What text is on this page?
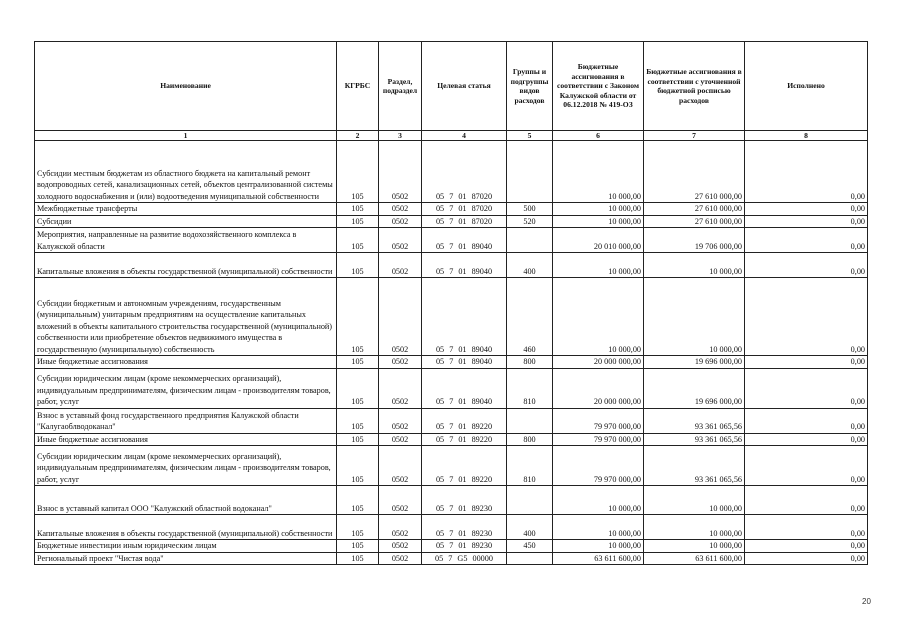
Наименование	КГРБС	Раздел, подраздел	Целевая статья	Группы и подгруппы видов расходов	Бюджетные ассигнования в соответствии с Законом Калужской области от 06.12.2018 № 419-ОЗ	Бюджетные ассигнования в соответствии с уточненной бюджетной росписью расходов	Исполнено
1	2	3	4	5	6	7	8
Субсидии местным бюджетам из областного бюджета на капитальный ремонт водопроводных сетей, канализационных сетей, объектов централизованной системы холодного водоснабжения и (или) водоотведения муниципальной собственности	105	0502	05 7 01 87020		10 000,00	27 610 000,00	0,00
Межбюджетные трансферты	105	0502	05 7 01 87020	500	10 000,00	27 610 000,00	0,00
Субсидии	105	0502	05 7 01 87020	520	10 000,00	27 610 000,00	0,00
Мероприятия, направленные на развитие водохозяйственного комплекса в Калужской области	105	0502	05 7 01 89040		20 010 000,00	19 706 000,00	0,00
Капитальные вложения в объекты государственной (муниципальной) собственности	105	0502	05 7 01 89040	400	10 000,00	10 000,00	0,00
Субсидии бюджетным и автономным учреждениям, государственным (муниципальным) унитарным предприятиям на осуществление капитальных вложений в объекты капитального строительства государственной (муниципальной) собственности или приобретение объектов недвижимого имущества в государственную (муниципальную) собственность	105	0502	05 7 01 89040	460	10 000,00	10 000,00	0,00
Иные бюджетные ассигнования	105	0502	05 7 01 89040	800	20 000 000,00	19 696 000,00	0,00
Субсидии юридическим лицам (кроме некоммерческих организаций), индивидуальным предпринимателям, физическим лицам - производителям товаров, работ, услуг	105	0502	05 7 01 89040	810	20 000 000,00	19 696 000,00	0,00
Взнос в уставный фонд государственного предприятия Калужской области "Калугаоблводоканал"	105	0502	05 7 01 89220		79 970 000,00	93 361 065,56	0,00
Иные бюджетные ассигнования	105	0502	05 7 01 89220	800	79 970 000,00	93 361 065,56	0,00
Субсидии юридическим лицам (кроме некоммерческих организаций), индивидуальным предпринимателям, физическим лицам - производителям товаров, работ, услуг	105	0502	05 7 01 89220	810	79 970 000,00	93 361 065,56	0,00
Взнос в уставный капитал ООО "Калужский областной водоканал"	105	0502	05 7 01 89230		10 000,00	10 000,00	0,00
Капитальные вложения в объекты государственной (муниципальной) собственности	105	0502	05 7 01 89230	400	10 000,00	10 000,00	0,00
Бюджетные инвестиции иным юридическим лицам	105	0502	05 7 01 89230	450	10 000,00	10 000,00	0,00
Региональный проект "Чистая вода"	105	0502	05 7 G5 00000		63 611 600,00	63 611 600,00	0,00
20
